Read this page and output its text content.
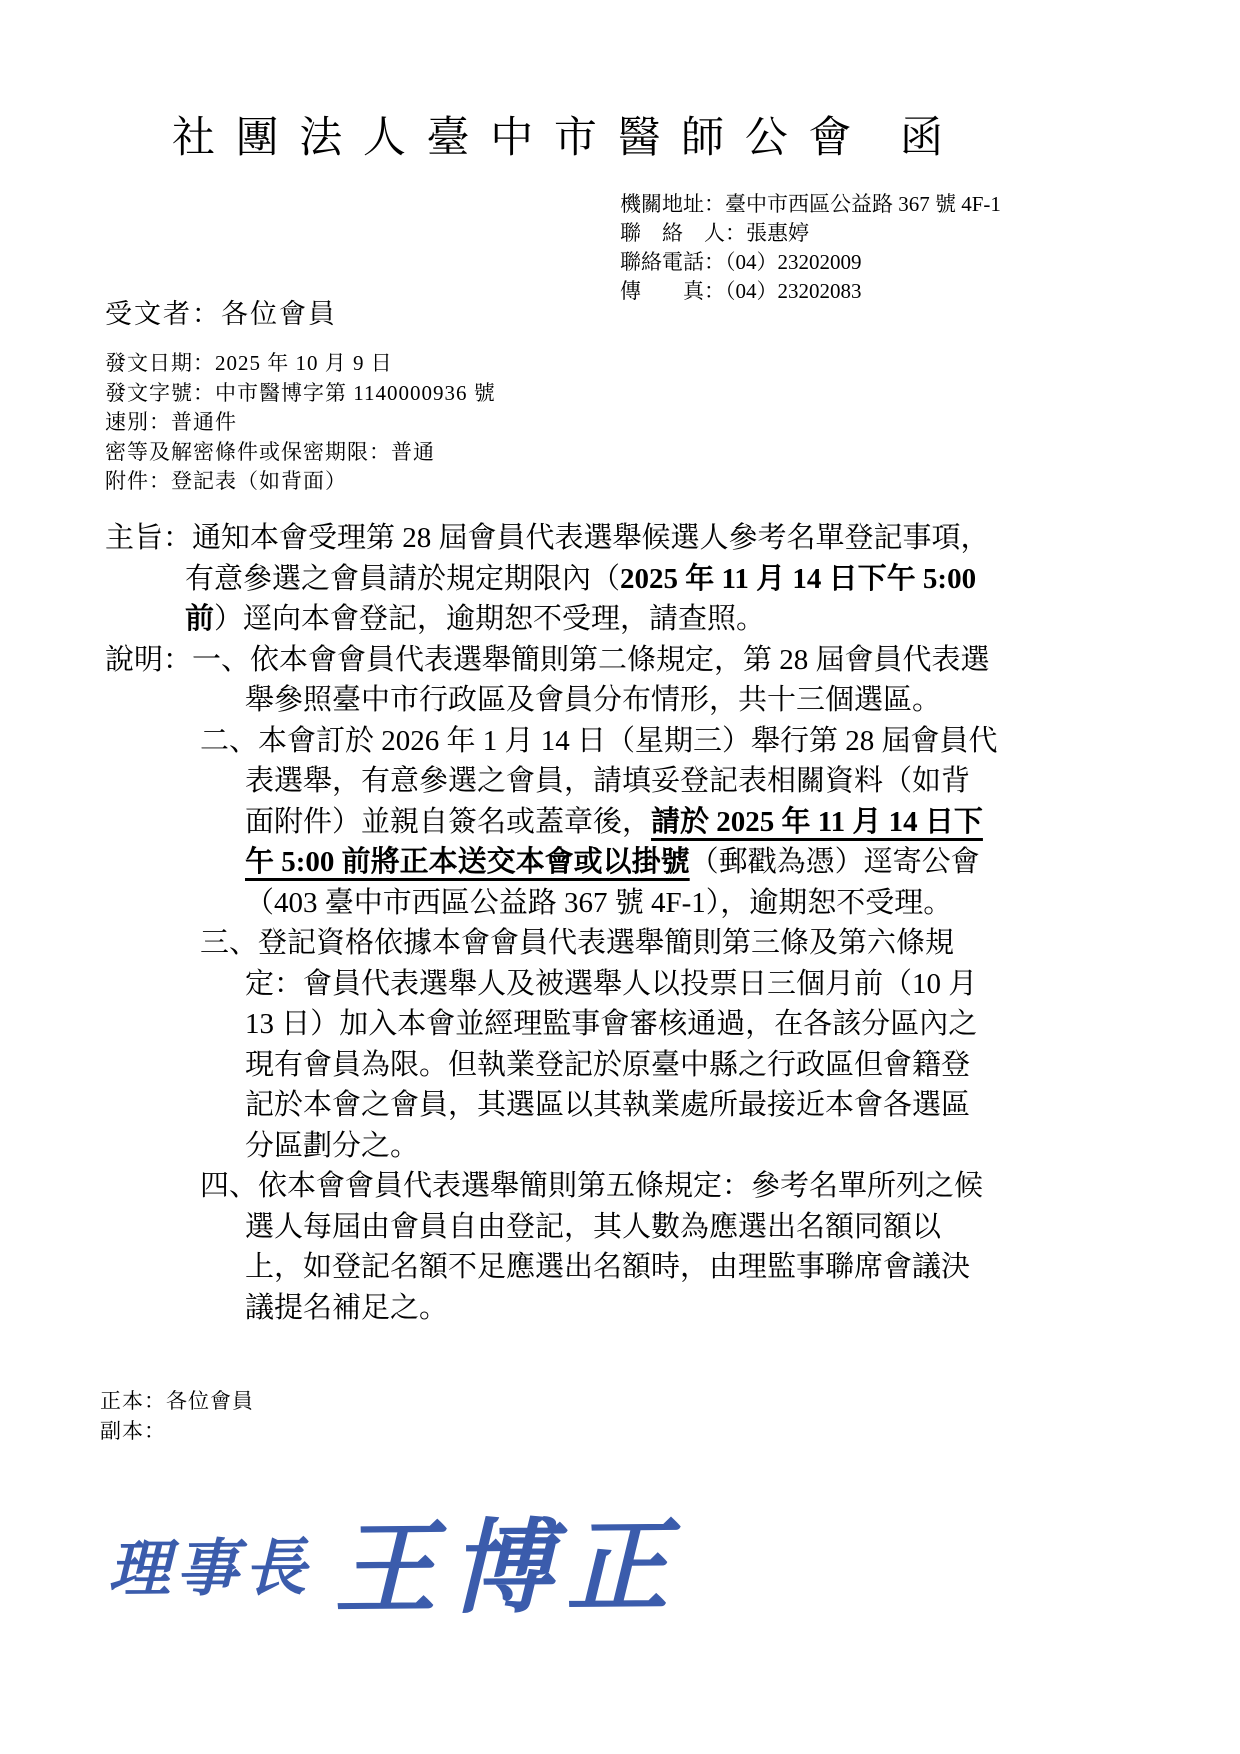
社團法人臺中市醫師公會 函
機關地址：臺中市西區公益路 367 號 4F-1
聯　絡　人：張惠婷
聯絡電話：（04）23202009
傳　　真：（04）23202083
受文者：各位會員
發文日期：2025 年 10 月 9 日
發文字號：中市醫博字第 1140000936 號
速別：普通件
密等及解密條件或保密期限：普通
附件：登記表（如背面）
主旨：通知本會受理第 28 屆會員代表選舉候選人參考名單登記事項，
有意參選之會員請於規定期限內（2025 年 11 月 14 日下午 5:00
前）逕向本會登記，逾期恕不受理，請查照。
說明：一、依本會會員代表選舉簡則第二條規定，第 28 屆會員代表選
舉參照臺中市行政區及會員分布情形，共十三個選區。
二、本會訂於 2026 年 1 月 14 日（星期三）舉行第 28 屆會員代
表選舉，有意參選之會員，請填妥登記表相關資料（如背
面附件）並親自簽名或蓋章後，請於 2025 年 11 月 14 日下
午 5:00 前將正本送交本會或以掛號（郵戳為憑）逕寄公會
（403 臺中市西區公益路 367 號 4F-1），逾期恕不受理。
三、登記資格依據本會會員代表選舉簡則第三條及第六條規
定：會員代表選舉人及被選舉人以投票日三個月前（10 月
13 日）加入本會並經理監事會審核通過，在各該分區內之
現有會員為限。但執業登記於原臺中縣之行政區但會籍登
記於本會之會員，其選區以其執業處所最接近本會各選區
分區劃分之。
四、依本會會員代表選舉簡則第五條規定：參考名單所列之候
選人每屆由會員自由登記，其人數為應選出名額同額以
上，如登記名額不足應選出名額時，由理監事聯席會議決
議提名補足之。
正本：各位會員
副本：
理事長 王博正
